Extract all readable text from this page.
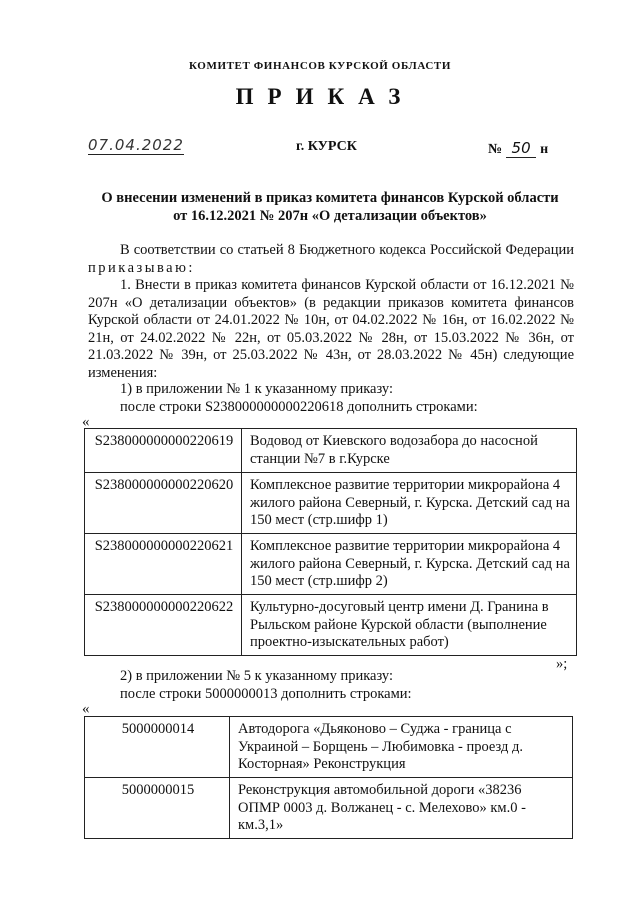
КОМИТЕТ ФИНАНСОВ КУРСКОЙ ОБЛАСТИ
ПРИКАЗ
07.04.2022	г. КУРСК	№ 50 н
О внесении изменений в приказ комитета финансов Курской области
от 16.12.2021 № 207н «О детализации объектов»
В соответствии со статьей 8 Бюджетного кодекса Российской Федерации приказываю:
1. Внести в приказ комитета финансов Курской области от 16.12.2021 № 207н «О детализации объектов» (в редакции приказов комитета финансов Курской области от 24.01.2022 № 10н, от 04.02.2022 № 16н, от 16.02.2022 № 21н, от 24.02.2022 № 22н, от 05.03.2022 № 28н, от 15.03.2022 № 36н, от 21.03.2022 № 39н, от 25.03.2022 № 43н, от 28.03.2022 № 45н) следующие изменения:
1) в приложении № 1 к указанному приказу:
после строки S238000000000220618 дополнить строками:
«
S238000000000220619	Водовод от Киевского водозабора до насосной станции №7 в г.Курске
S238000000000220620	Комплексное развитие территории микрорайона 4 жилого района Северный, г. Курска. Детский сад на 150 мест (стр.шифр 1)
S238000000000220621	Комплексное развитие территории микрорайона 4 жилого района Северный, г. Курска. Детский сад на 150 мест (стр.шифр 2)
S238000000000220622	Культурно-досуговый центр имени Д. Гранина в Рыльском районе Курской области (выполнение проектно-изыскательных работ)
»;
2) в приложении № 5 к указанному приказу:
после строки 5000000013 дополнить строками:
«
5000000014	Автодорога «Дьяконово – Суджа - граница с Украиной – Борщень – Любимовка - проезд д. Косторная» Реконструкция
5000000015	Реконструкция автомобильной дороги «38236 ОПМР 0003 д. Волжанец - с. Мелехово» км.0 - км.3,1»
